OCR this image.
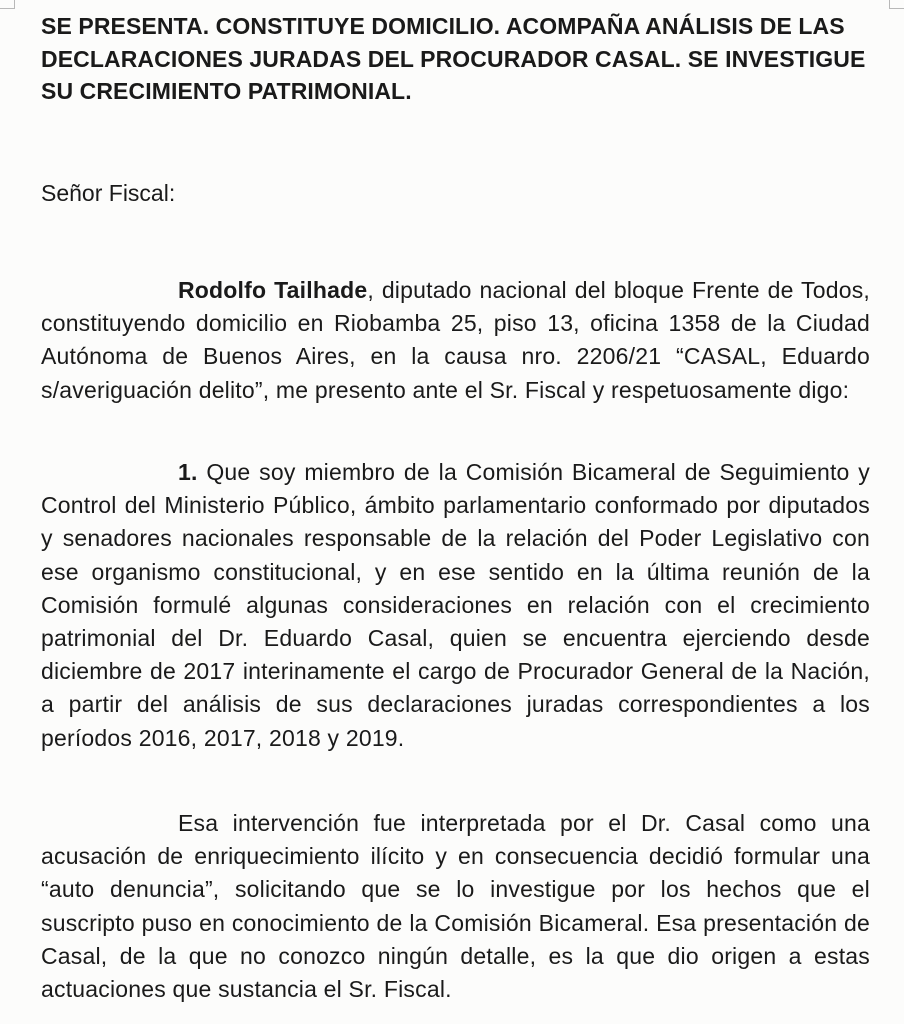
SE PRESENTA. CONSTITUYE DOMICILIO. ACOMPAÑA ANÁLISIS DE LAS DECLARACIONES JURADAS DEL PROCURADOR CASAL. SE INVESTIGUE SU CRECIMIENTO PATRIMONIAL.

Señor Fiscal:

Rodolfo Tailhade, diputado nacional del bloque Frente de Todos, constituyendo domicilio en Riobamba 25, piso 13, oficina 1358 de la Ciudad Autónoma de Buenos Aires, en la causa nro. 2206/21 “CASAL, Eduardo s/averiguación delito”, me presento ante el Sr. Fiscal y respetuosamente digo:

1. Que soy miembro de la Comisión Bicameral de Seguimiento y Control del Ministerio Público, ámbito parlamentario conformado por diputados y senadores nacionales responsable de la relación del Poder Legislativo con ese organismo constitucional, y en ese sentido en la última reunión de la Comisión formulé algunas consideraciones en relación con el crecimiento patrimonial del Dr. Eduardo Casal, quien se encuentra ejerciendo desde diciembre de 2017 interinamente el cargo de Procurador General de la Nación, a partir del análisis de sus declaraciones juradas correspondientes a los períodos 2016, 2017, 2018 y 2019.

Esa intervención fue interpretada por el Dr. Casal como una acusación de enriquecimiento ilícito y en consecuencia decidió formular una “auto denuncia”, solicitando que se lo investigue por los hechos que el suscripto puso en conocimiento de la Comisión Bicameral. Esa presentación de Casal, de la que no conozco ningún detalle, es la que dio origen a estas actuaciones que sustancia el Sr. Fiscal.
